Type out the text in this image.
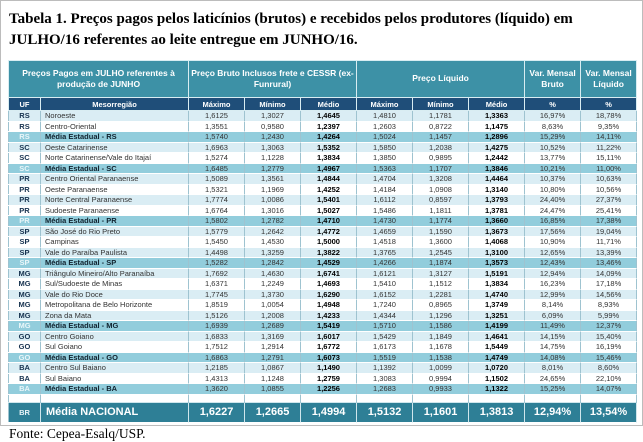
Tabela 1. Preços pagos pelos laticínios (brutos) e recebidos pelos produtores (líquido) em JULHO/16 referentes ao leite entregue em JUNHO/16.
Preços Pagos em JULHO referentes à produção de JUNHO		Preço Bruto Inclusos frete e CESSR (ex-Funrural)			Preço Líquido			Var. Mensal Bruto	Var. Mensal Líquido
UF	Mesorregião	Máximo	Mínimo	Médio	Máximo	Mínimo	Médio	%	%
RS	Noroeste	1,6125	1,3027	1,4645	1,4810	1,1781	1,3363	16,97%	18,78%
RS	Centro-Oriental	1,3551	0,9580	1,2397	1,2603	0,8722	1,1475	8,63%	9,35%
RS	Média Estadual - RS	1,5740	1,2430	1,4264	1,5024	1,1457	1,2896	15,29%	14,11%
SC	Oeste Catarinense	1,6963	1,3063	1,5352	1,5850	1,2038	1,4275	10,52%	11,22%
SC	Norte Catarinense/Vale do Itajaí	1,5274	1,1228	1,3834	1,3850	0,9895	1,2442	13,77%	15,11%
SC	Média Estadual - SC	1,6485	1,2779	1,4967	1,5363	1,1707	1,3846	10,21%	11,00%
PR	Centro Oriental Paranaense	1,5089	1,3561	1,4844	1,4704	1,3208	1,4464	10,37%	10,63%
PR	Oeste Paranaense	1,5321	1,1969	1,4252	1,4184	1,0908	1,3140	10,80%	10,56%
PR	Norte Central Paranaense	1,7774	1,0086	1,5401	1,6112	0,8597	1,3793	24,40%	27,37%
PR	Sudoeste Paranaense	1,6764	1,3016	1,5027	1,5486	1,1811	1,3781	24,47%	25,41%
PR	Média Estadual - PR	1,5802	1,2782	1,4710	1,4730	1,1774	1,3660	16,85%	17,38%
SP	São José do Rio Preto	1,5779	1,2642	1,4772	1,4659	1,1590	1,3673	17,56%	19,04%
SP	Campinas	1,5450	1,4530	1,5000	1,4518	1,3600	1,4068	10,90%	11,71%
SP	Vale do Paraíba Paulista	1,4498	1,3259	1,3822	1,3765	1,2545	1,3100	12,65%	13,39%
SP	Média Estadual - SP	1,5282	1,2842	1,4529	1,4266	1,1874	1,3573	12,43%	13,46%
MG	Triângulo Mineiro/Alto Paranaíba	1,7692	1,4630	1,6741	1,6121	1,3127	1,5191	12,94%	14,09%
MG	Sul/Sudoeste de Minas	1,6371	1,2249	1,4693	1,5410	1,1512	1,3834	16,23%	17,18%
MG	Vale do Rio Doce	1,7745	1,3730	1,6290	1,6152	1,2281	1,4740	12,99%	14,56%
MG	Metropolitana de Belo Horizonte	1,8519	1,0054	1,4948	1,7240	0,8965	1,3749	8,14%	8,93%
MG	Zona da Mata	1,5126	1,2008	1,4233	1,4344	1,1296	1,3251	6,09%	5,99%
MG	Média Estadual - MG	1,6939	1,2689	1,5419	1,5710	1,1586	1,4199	11,49%	12,37%
GO	Centro Goiano	1,6833	1,3169	1,6017	1,5429	1,1849	1,4641	14,15%	15,40%
GO	Sul Goiano	1,7512	1,2914	1,6772	1,6173	1,1678	1,5449	14,75%	16,19%
GO	Média Estadual - GO	1,6863	1,2791	1,6073	1,5519	1,1538	1,4749	14,08%	15,46%
BA	Centro Sul Baiano	1,2185	1,0867	1,1490	1,1392	1,0099	1,0720	8,01%	8,60%
BA	Sul Baiano	1,4313	1,1248	1,2759	1,3083	0,9994	1,1502	24,65%	22,10%
BA	Média Estadual - BA	1,3620	1,0855	1,2256	1,2683	0,9933	1,1322	15,25%	14,07%

BR	Média NACIONAL	1,6227	1,2665	1,4994	1,5132	1,1601	1,3813	12,94%	13,54%
Fonte: Cepea-Esalq/USP.
